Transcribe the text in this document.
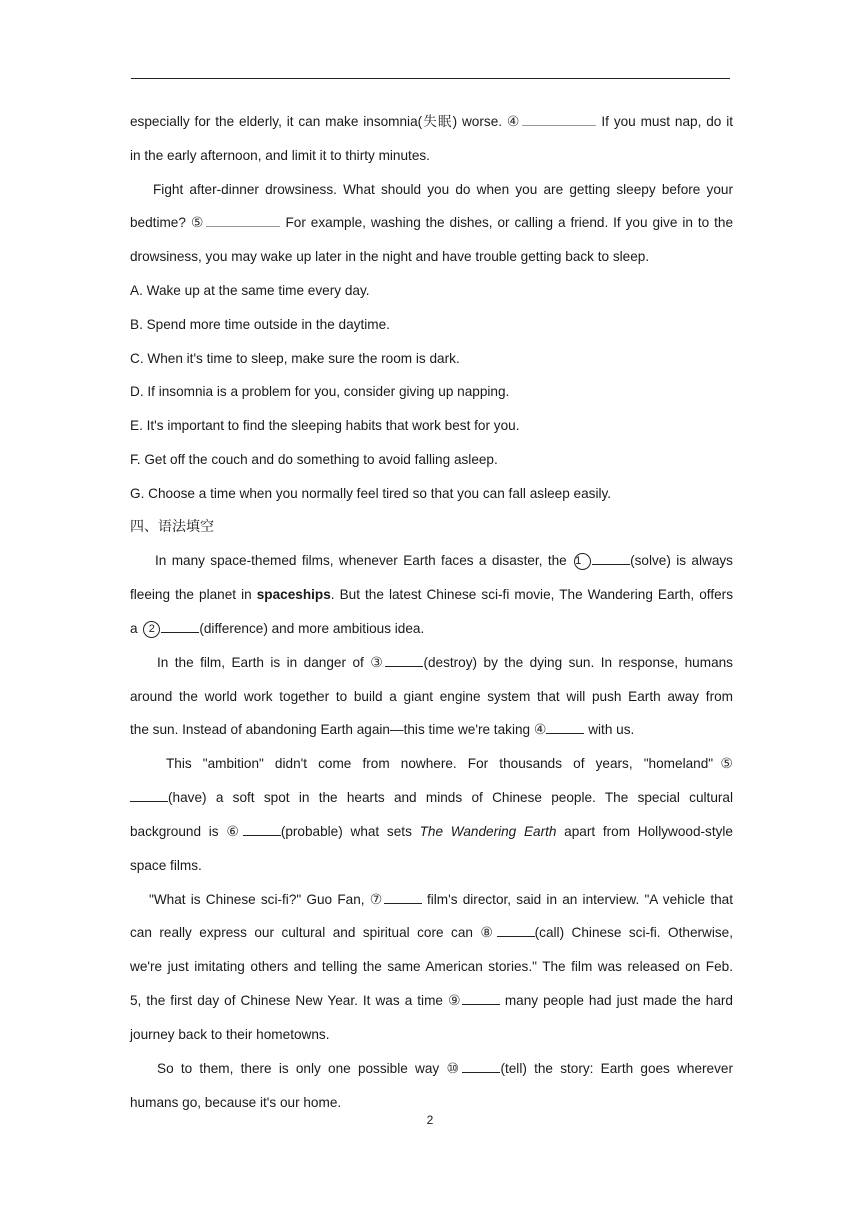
especially for the elderly, it can make insomnia(失眠) worse. ④	If you must nap, do it
in the early afternoon, and limit it to thirty minutes.
Fight after-dinner drowsiness. What should you do when you are getting sleepy before your
bedtime? ⑤	For example, washing the dishes, or calling a friend. If you give in to the
drowsiness, you may wake up later in the night and have trouble getting back to sleep.
A. Wake up at the same time every day.
B. Spend more time outside in the daytime.
C. When it's time to sleep, make sure the room is dark.
D. If insomnia is a problem for you, consider giving up napping.
E. It's important to find the sleeping habits that work best for you.
F. Get off the couch and do something to avoid falling asleep.
G. Choose a time when you normally feel tired so that you can fall asleep easily.
四、语法填空
In many space-themed films, whenever Earth faces a disaster, the 1	(solve) is always
fleeing the planet in spaceships. But the latest Chinese sci-fi movie, The Wandering Earth, offers
a 2	(difference) and more ambitious idea.
In the film, Earth is in danger of ③	(destroy) by the dying sun. In response, humans
around the world work together to build a giant engine system that will push Earth away from
the sun. Instead of abandoning Earth again—this time we're taking ④	with us.
This "ambition" didn't come from nowhere. For thousands of years, "homeland"⑤
(have) a soft spot in the hearts and minds of Chinese people. The special cultural
background is ⑥	(probable) what sets The Wandering Earth apart from Hollywood-style
space films.
"What is Chinese sci-fi?" Guo Fan, ⑦	film's director, said in an interview. "A vehicle that
can really express our cultural and spiritual core can ⑧	(call) Chinese sci-fi. Otherwise,
we're just imitating others and telling the same American stories." The film was released on Feb.
5, the first day of Chinese New Year. It was a time ⑨	many people had just made the hard
journey back to their hometowns.
So to them, there is only one possible way ⑩	(tell) the story: Earth goes wherever
humans go, because it's our home.
2
